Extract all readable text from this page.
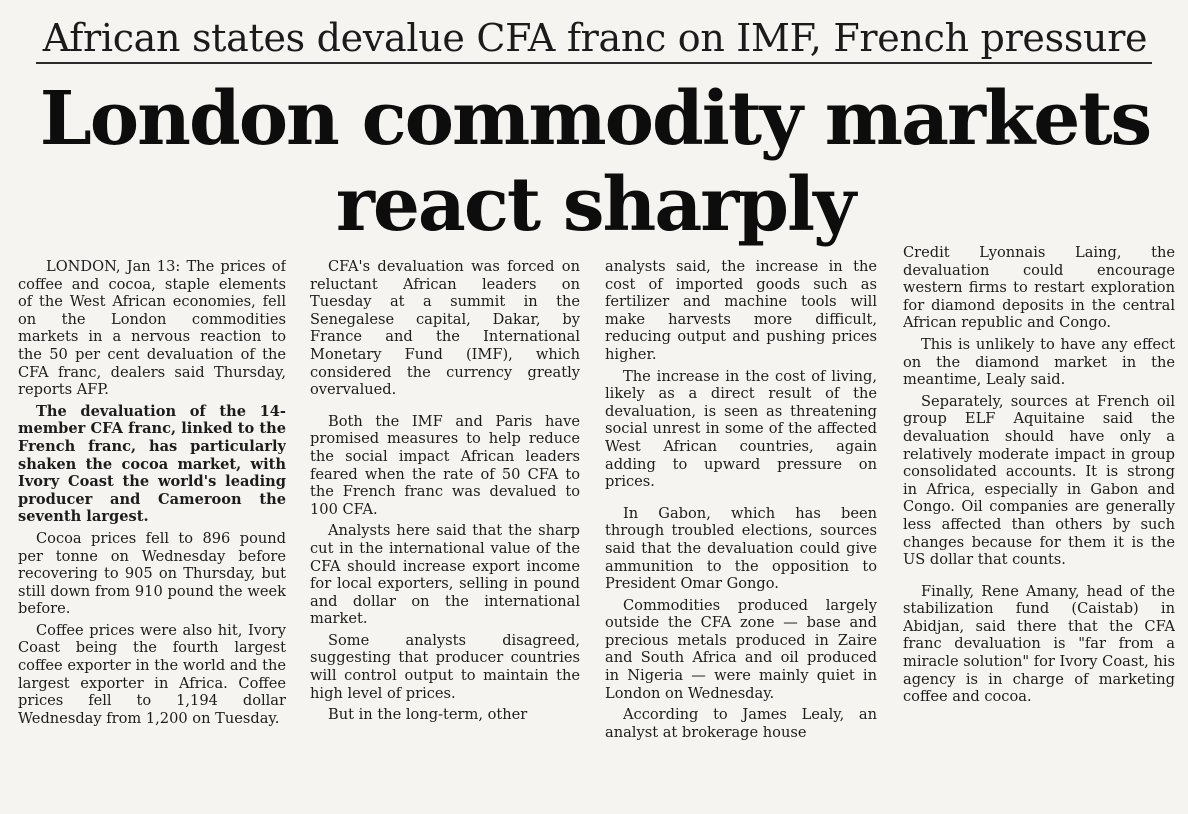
African states devalue CFA franc on IMF, French pressure
London commodity markets
react sharply

LONDON, Jan 13: The prices of coffee and cocoa, staple elements of the West African economies, fell on the London commodities markets in a nervous reaction to the 50 per cent devaluation of the CFA franc, dealers said Thursday, reports AFP.

The devaluation of the 14-member CFA franc, linked to the French franc, has particularly shaken the cocoa market, with Ivory Coast the world's leading producer and Cameroon the seventh largest.

Cocoa prices fell to 896 pound per tonne on Wednesday before recovering to 905 on Thursday, but still down from 910 pound the week before.

Coffee prices were also hit, Ivory Coast being the fourth largest coffee exporter in the world and the largest exporter in Africa. Coffee prices fell to 1,194 dollar Wednesday from 1,200 on Tuesday.

CFA's devaluation was forced on reluctant African leaders on Tuesday at a summit in the Senegalese capital, Dakar, by France and the International Monetary Fund (IMF), which considered the currency greatly overvalued.

Both the IMF and Paris have promised measures to help reduce the social impact African leaders feared when the rate of 50 CFA to the French franc was devalued to 100 CFA.

Analysts here said that the sharp cut in the international value of the CFA should increase export income for local exporters, selling in pound and dollar on the international market.

Some analysts disagreed, suggesting that producer countries will control output to maintain the high level of prices.

But in the long-term, other

analysts said, the increase in the cost of imported goods such as fertilizer and machine tools will make harvests more difficult, reducing output and pushing prices higher.

The increase in the cost of living, likely as a direct result of the devaluation, is seen as threatening social unrest in some of the affected West African countries, again adding to upward pressure on prices.

In Gabon, which has been through troubled elections, sources said that the devaluation could give ammunition to the opposition to President Omar Gongo.

Commodities produced largely outside the CFA zone — base and precious metals produced in Zaire and South Africa and oil produced in Nigeria — were mainly quiet in London on Wednesday.

According to James Lealy, an analyst at brokerage house

Credit Lyonnais Laing, the devaluation could encourage western firms to restart exploration for diamond deposits in the central African republic and Congo.

This is unlikely to have any effect on the diamond market in the meantime, Lealy said.

Separately, sources at French oil group ELF Aquitaine said the devaluation should have only a relatively moderate impact in group consolidated accounts. It is strong in Africa, especially in Gabon and Congo. Oil companies are generally less affected than others by such changes because for them it is the US dollar that counts.

Finally, Rene Amany, head of the stabilization fund (Caistab) in Abidjan, said there that the CFA franc devaluation is "far from a miracle solution" for Ivory Coast, his agency is in charge of marketing coffee and cocoa.
